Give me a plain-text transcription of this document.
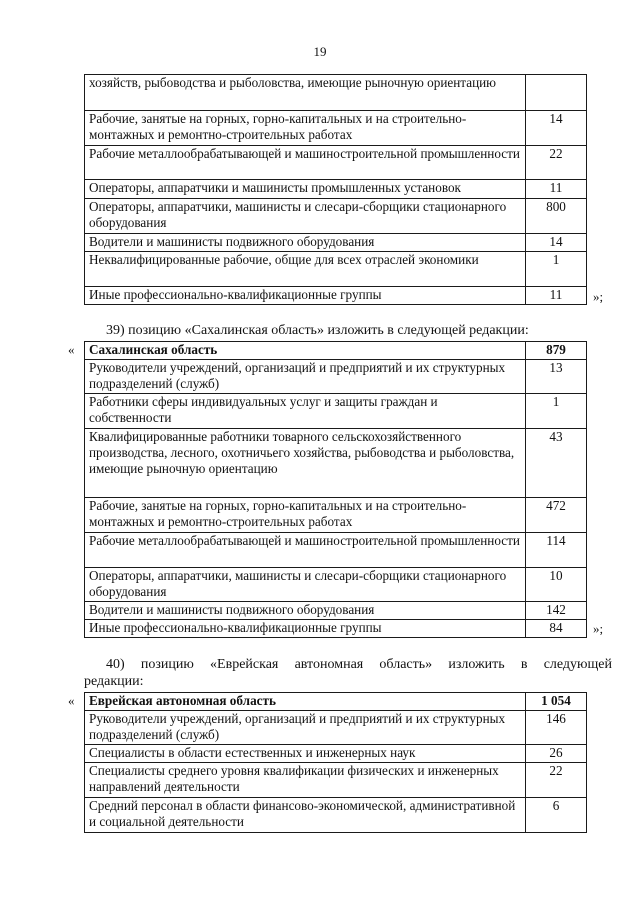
19
хозяйств, рыбоводства и рыболовства, имеющие рыночную ориентацию	
Рабочие, занятые на горных, горно-капитальных и на строительно-монтажных и ремонтно-строительных работах	14
Рабочие металлообрабатывающей и машиностроительной промышленности	22
Операторы, аппаратчики и машинисты промышленных установок	11
Операторы, аппаратчики, машинисты и слесари-сборщики стационарного оборудования	800
Водители и машинисты подвижного оборудования	14
Неквалифицированные рабочие, общие для всех отраслей экономики	1
Иные профессионально-квалификационные группы	11 »;
39) позицию «Сахалинская область» изложить в следующей редакции:
« Сахалинская область	879
Руководители учреждений, организаций и предприятий и их структурных подразделений (служб)	13
Работники сферы индивидуальных услуг и защиты граждан и собственности	1
Квалифицированные работники товарного сельскохозяйственного производства, лесного, охотничьего хозяйства, рыбоводства и рыболовства, имеющие рыночную ориентацию	43
Рабочие, занятые на горных, горно-капитальных и на строительно-монтажных и ремонтно-строительных работах	472
Рабочие металлообрабатывающей и машиностроительной промышленности	114
Операторы, аппаратчики, машинисты и слесари-сборщики стационарного оборудования	10
Водители и машинисты подвижного оборудования	142
Иные профессионально-квалификационные группы	84 »;
40) позицию «Еврейская автономная область» изложить в следующей
редакции:
« Еврейская автономная область	1 054
Руководители учреждений, организаций и предприятий и их структурных подразделений (служб)	146
Специалисты в области естественных и инженерных наук	26
Специалисты среднего уровня квалификации физических и инженерных направлений деятельности	22
Средний персонал в области финансово-экономической, административной и социальной деятельности	6
